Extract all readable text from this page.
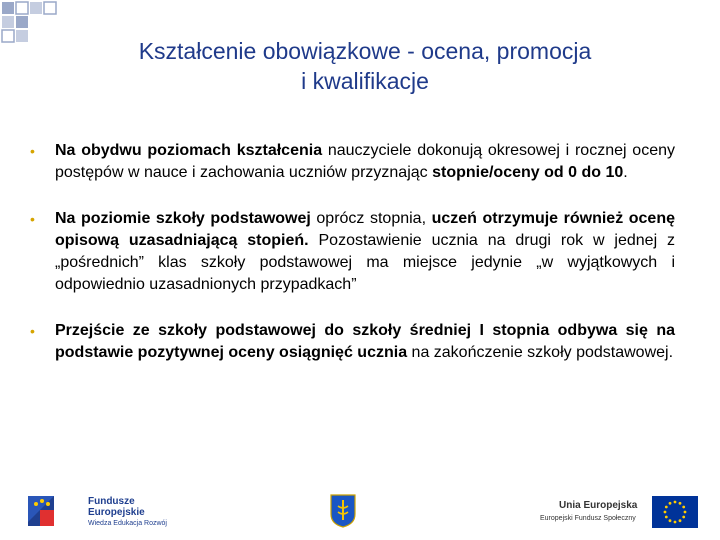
Kształcenie obowiązkowe - ocena, promocja
i kwalifikacje
• Na obydwu poziomach kształcenia nauczyciele dokonują okresowej i rocznej oceny postępów w nauce i zachowania uczniów przyznając stopnie/oceny od 0 do 10.
• Na poziomie szkoły podstawowej oprócz stopnia, uczeń otrzymuje również ocenę opisową uzasadniającą stopień. Pozostawienie ucznia na drugi rok w jednej z „pośrednich” klas szkoły podstawowej ma miejsce jedynie „w wyjątkowych i odpowiednio uzasadnionych przypadkach”
• Przejście ze szkoły podstawowej do szkoły średniej I stopnia odbywa się na podstawie pozytywnej oceny osiągnięć ucznia na zakończenie szkoły podstawowej.
Fundusze
Europejskie
Wiedza Edukacja Rozwój
Unia Europejska
Europejski Fundusz Społeczny
